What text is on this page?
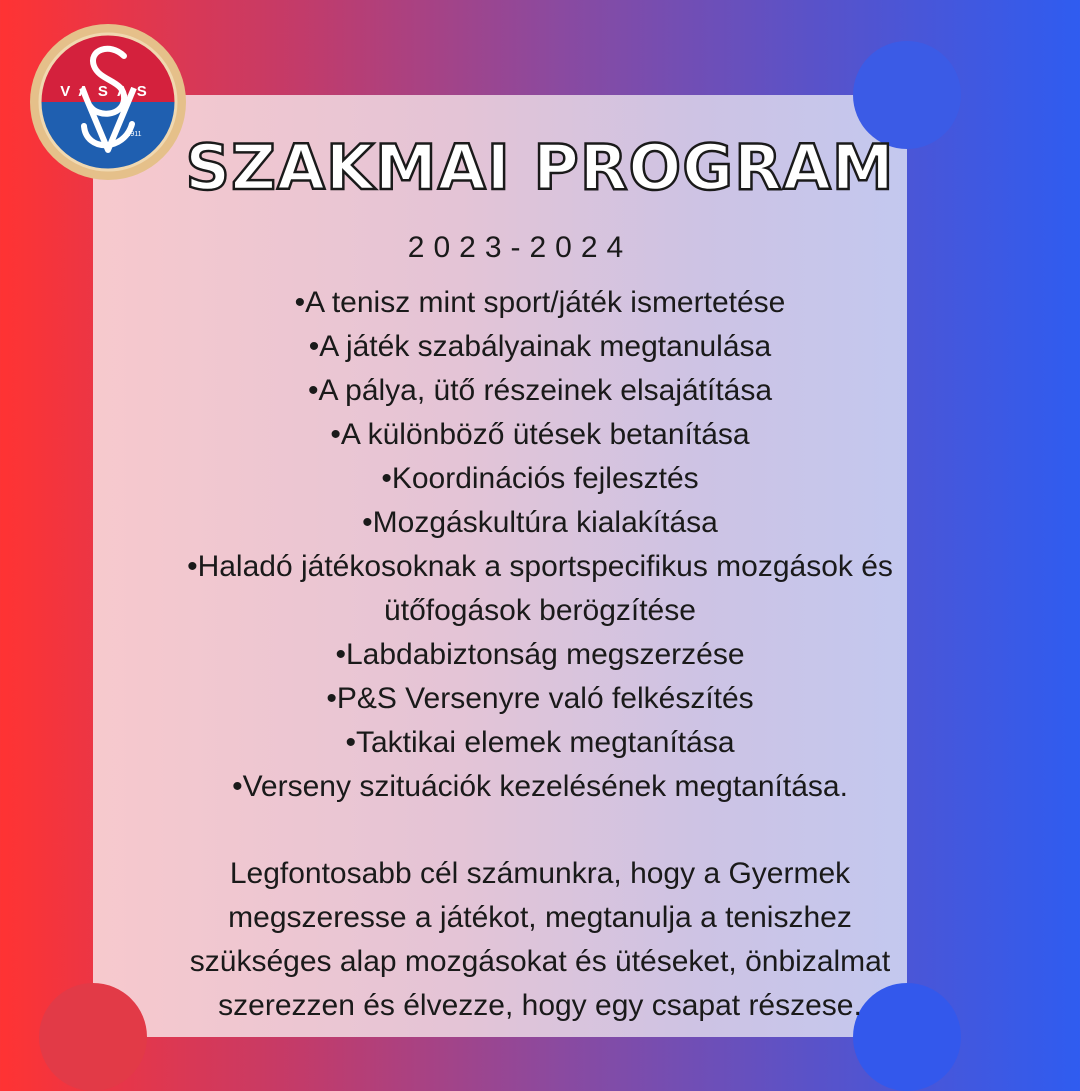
VASAS
1911 SZAKMAI PROGRAM
2023-2024
•A tenisz mint sport/játék ismertetése
•A játék szabályainak megtanulása
•A pálya, ütő részeinek elsajátítása
•A különböző ütések betanítása
•Koordinációs fejlesztés
•Mozgáskultúra kialakítása
•Haladó játékosoknak a sportspecifikus mozgások és ütőfogások berögzítése
•Labdabiztonság megszerzése
•P&S Versenyre való felkészítés
•Taktikai elemek megtanítása
•Verseny szituációk kezelésének megtanítása.

Legfontosabb cél számunkra, hogy a Gyermek megszeresse a játékot, megtanulja a teniszhez szükséges alap mozgásokat és ütéseket, önbizalmat szerezzen és élvezze, hogy egy csapat részese.
